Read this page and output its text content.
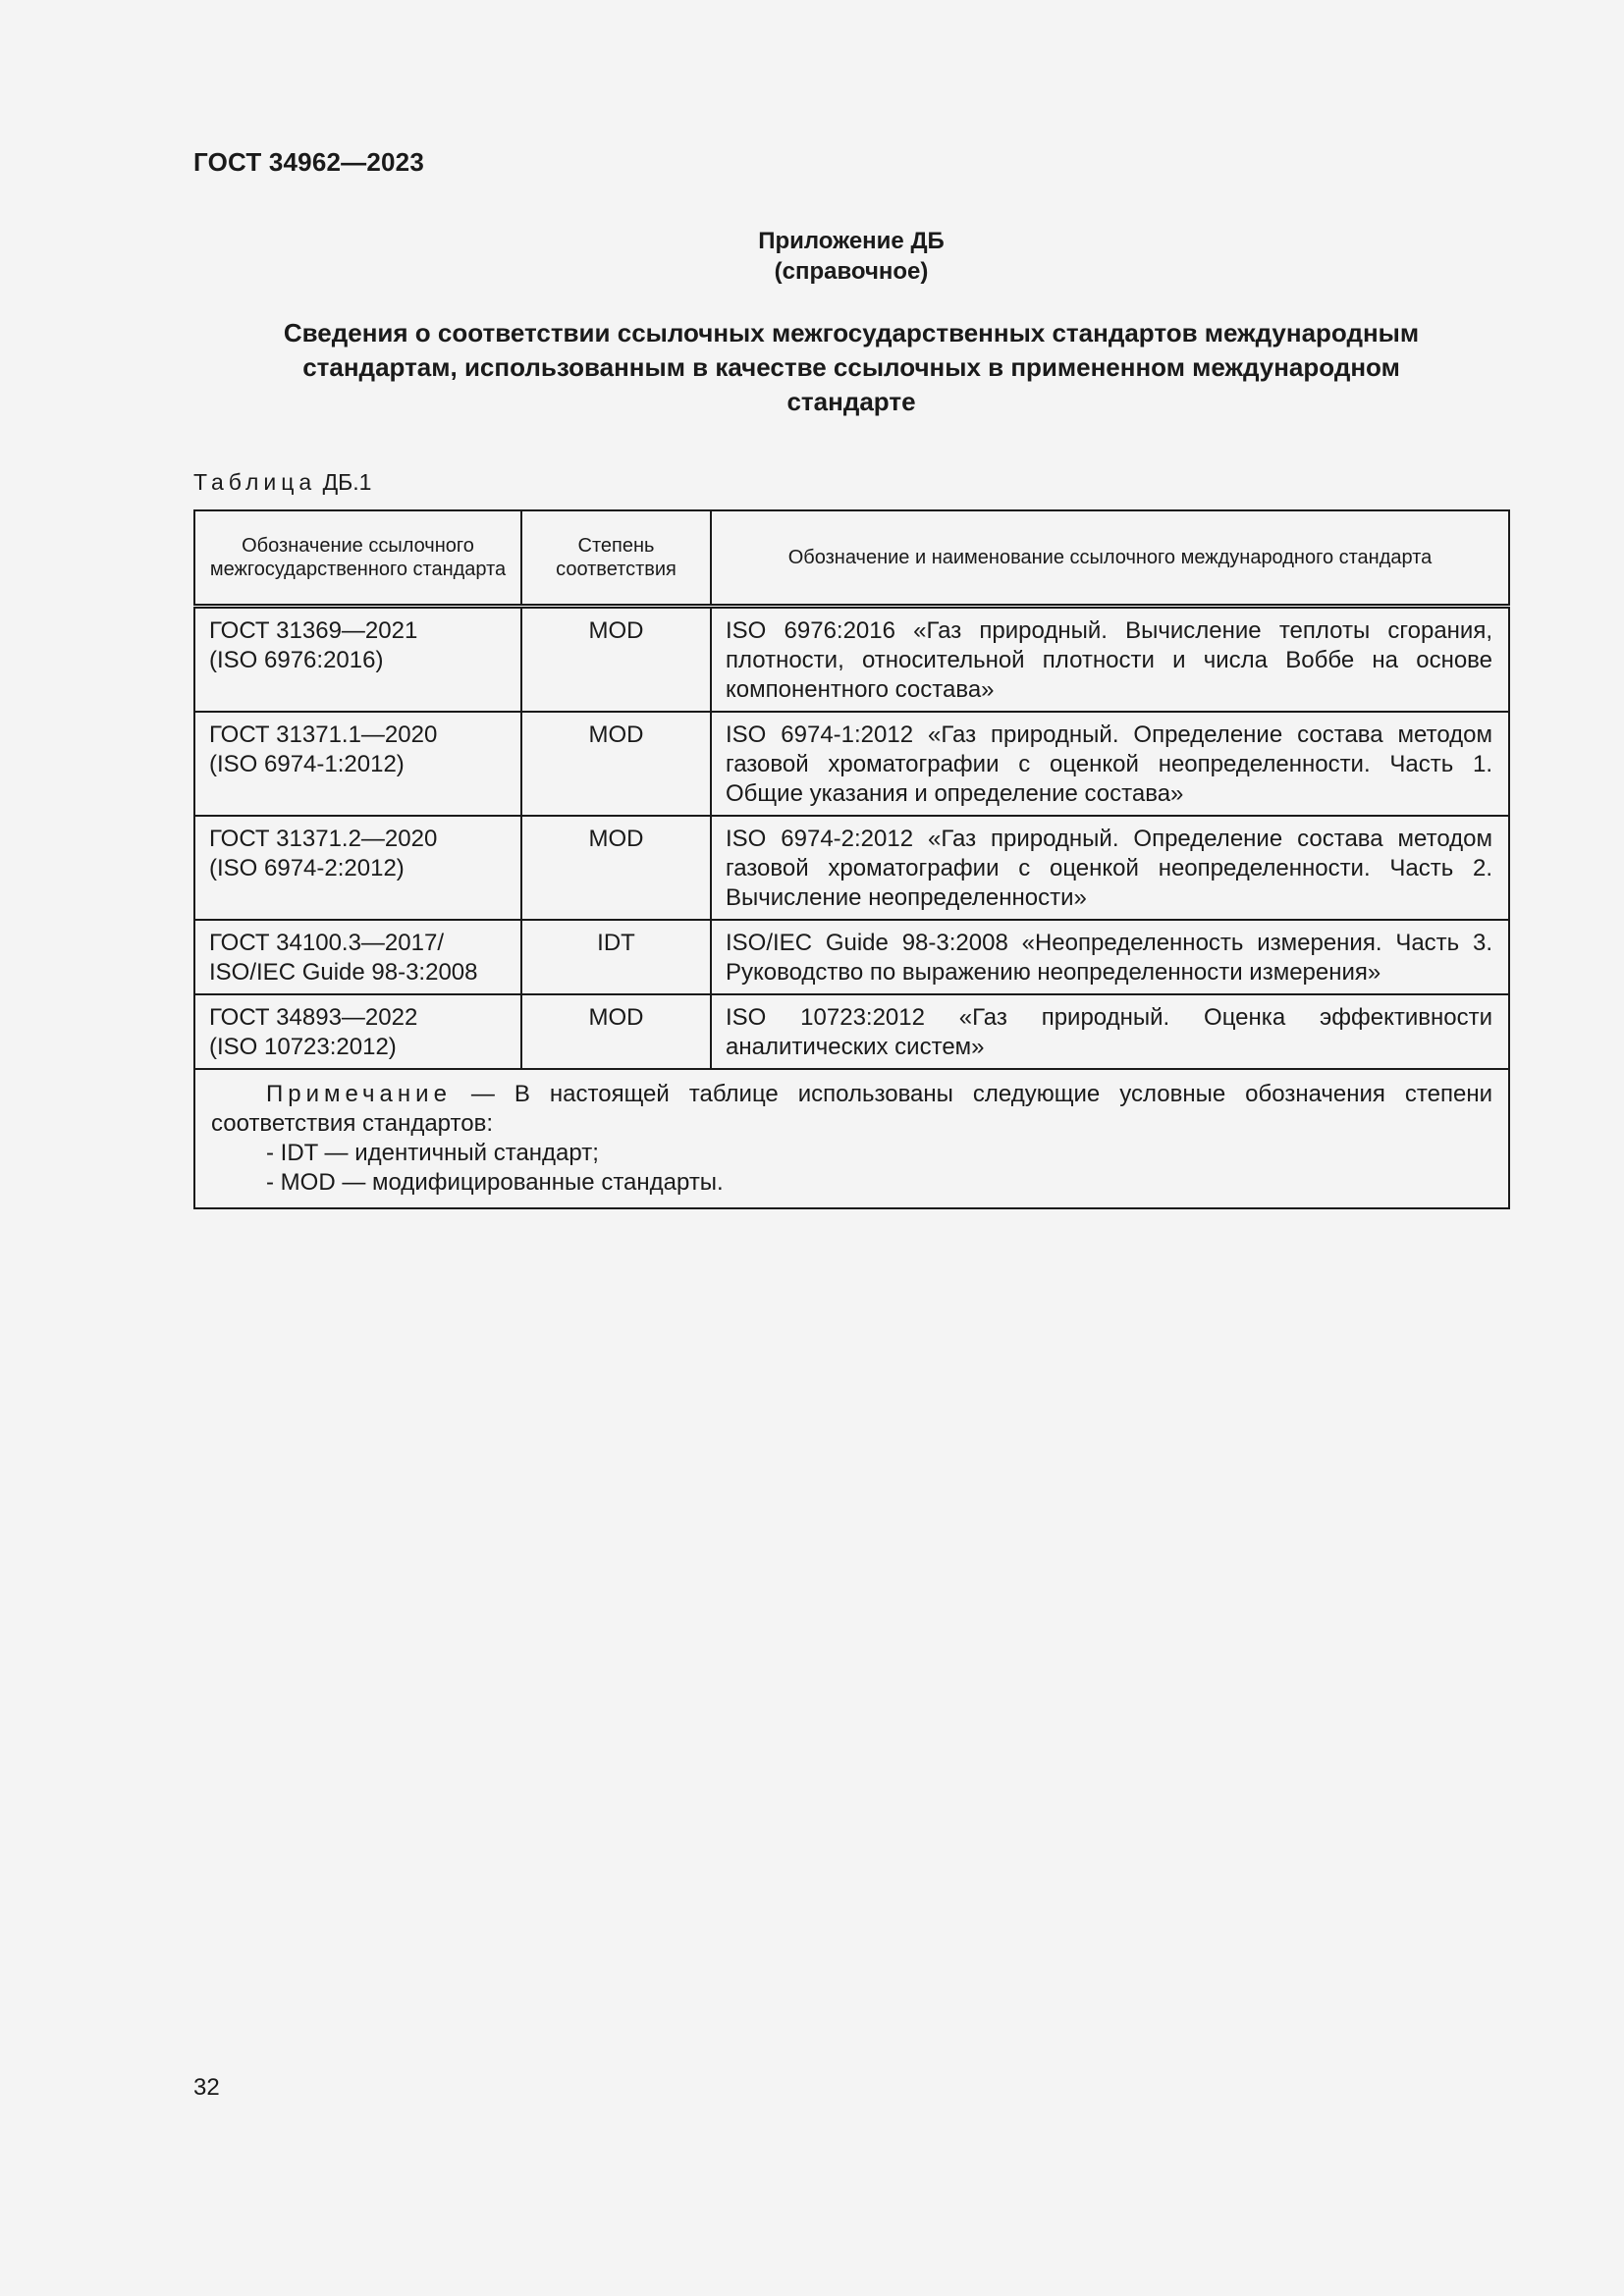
ГОСТ 34962—2023
Приложение ДБ
(справочное)
Сведения о соответствии ссылочных межгосударственных стандартов международным
стандартам, использованным в качестве ссылочных в примененном международном
стандарте
Таблица ДБ.1
Обозначение ссылочного межгосударственного стандарта	Степень соответствия	Обозначение и наименование ссылочного международного стандарта

ГОСТ 31369—2021
(ISO 6976:2016)	MOD	ISO 6976:2016 «Газ природный. Вычисление теплоты сгорания, плотности, относительной плотности и числа Воббе на основе компонентного состава»

ГОСТ 31371.1—2020
(ISO 6974-1:2012)	MOD	ISO 6974-1:2012 «Газ природный. Определение состава методом газовой хроматографии с оценкой неопределенности. Часть 1. Общие указания и определение состава»

ГОСТ 31371.2—2020
(ISO 6974-2:2012)	MOD	ISO 6974-2:2012 «Газ природный. Определение состава методом газовой хроматографии с оценкой неопределенности. Часть 2. Вычисление неопределенности»

ГОСТ 34100.3—2017/
ISO/IEC Guide 98-3:2008	IDT	ISO/IEC Guide 98-3:2008 «Неопределенность измерения. Часть 3. Руководство по выражению неопределенности измерения»

ГОСТ 34893—2022
(ISO 10723:2012)	MOD	ISO 10723:2012 «Газ природный. Оценка эффективности аналитических систем»
Примечание — В настоящей таблице использованы следующие условные обозначения степени соответствия стандартов:
- IDT — идентичный стандарт;
- MOD — модифицированные стандарты.		
32
